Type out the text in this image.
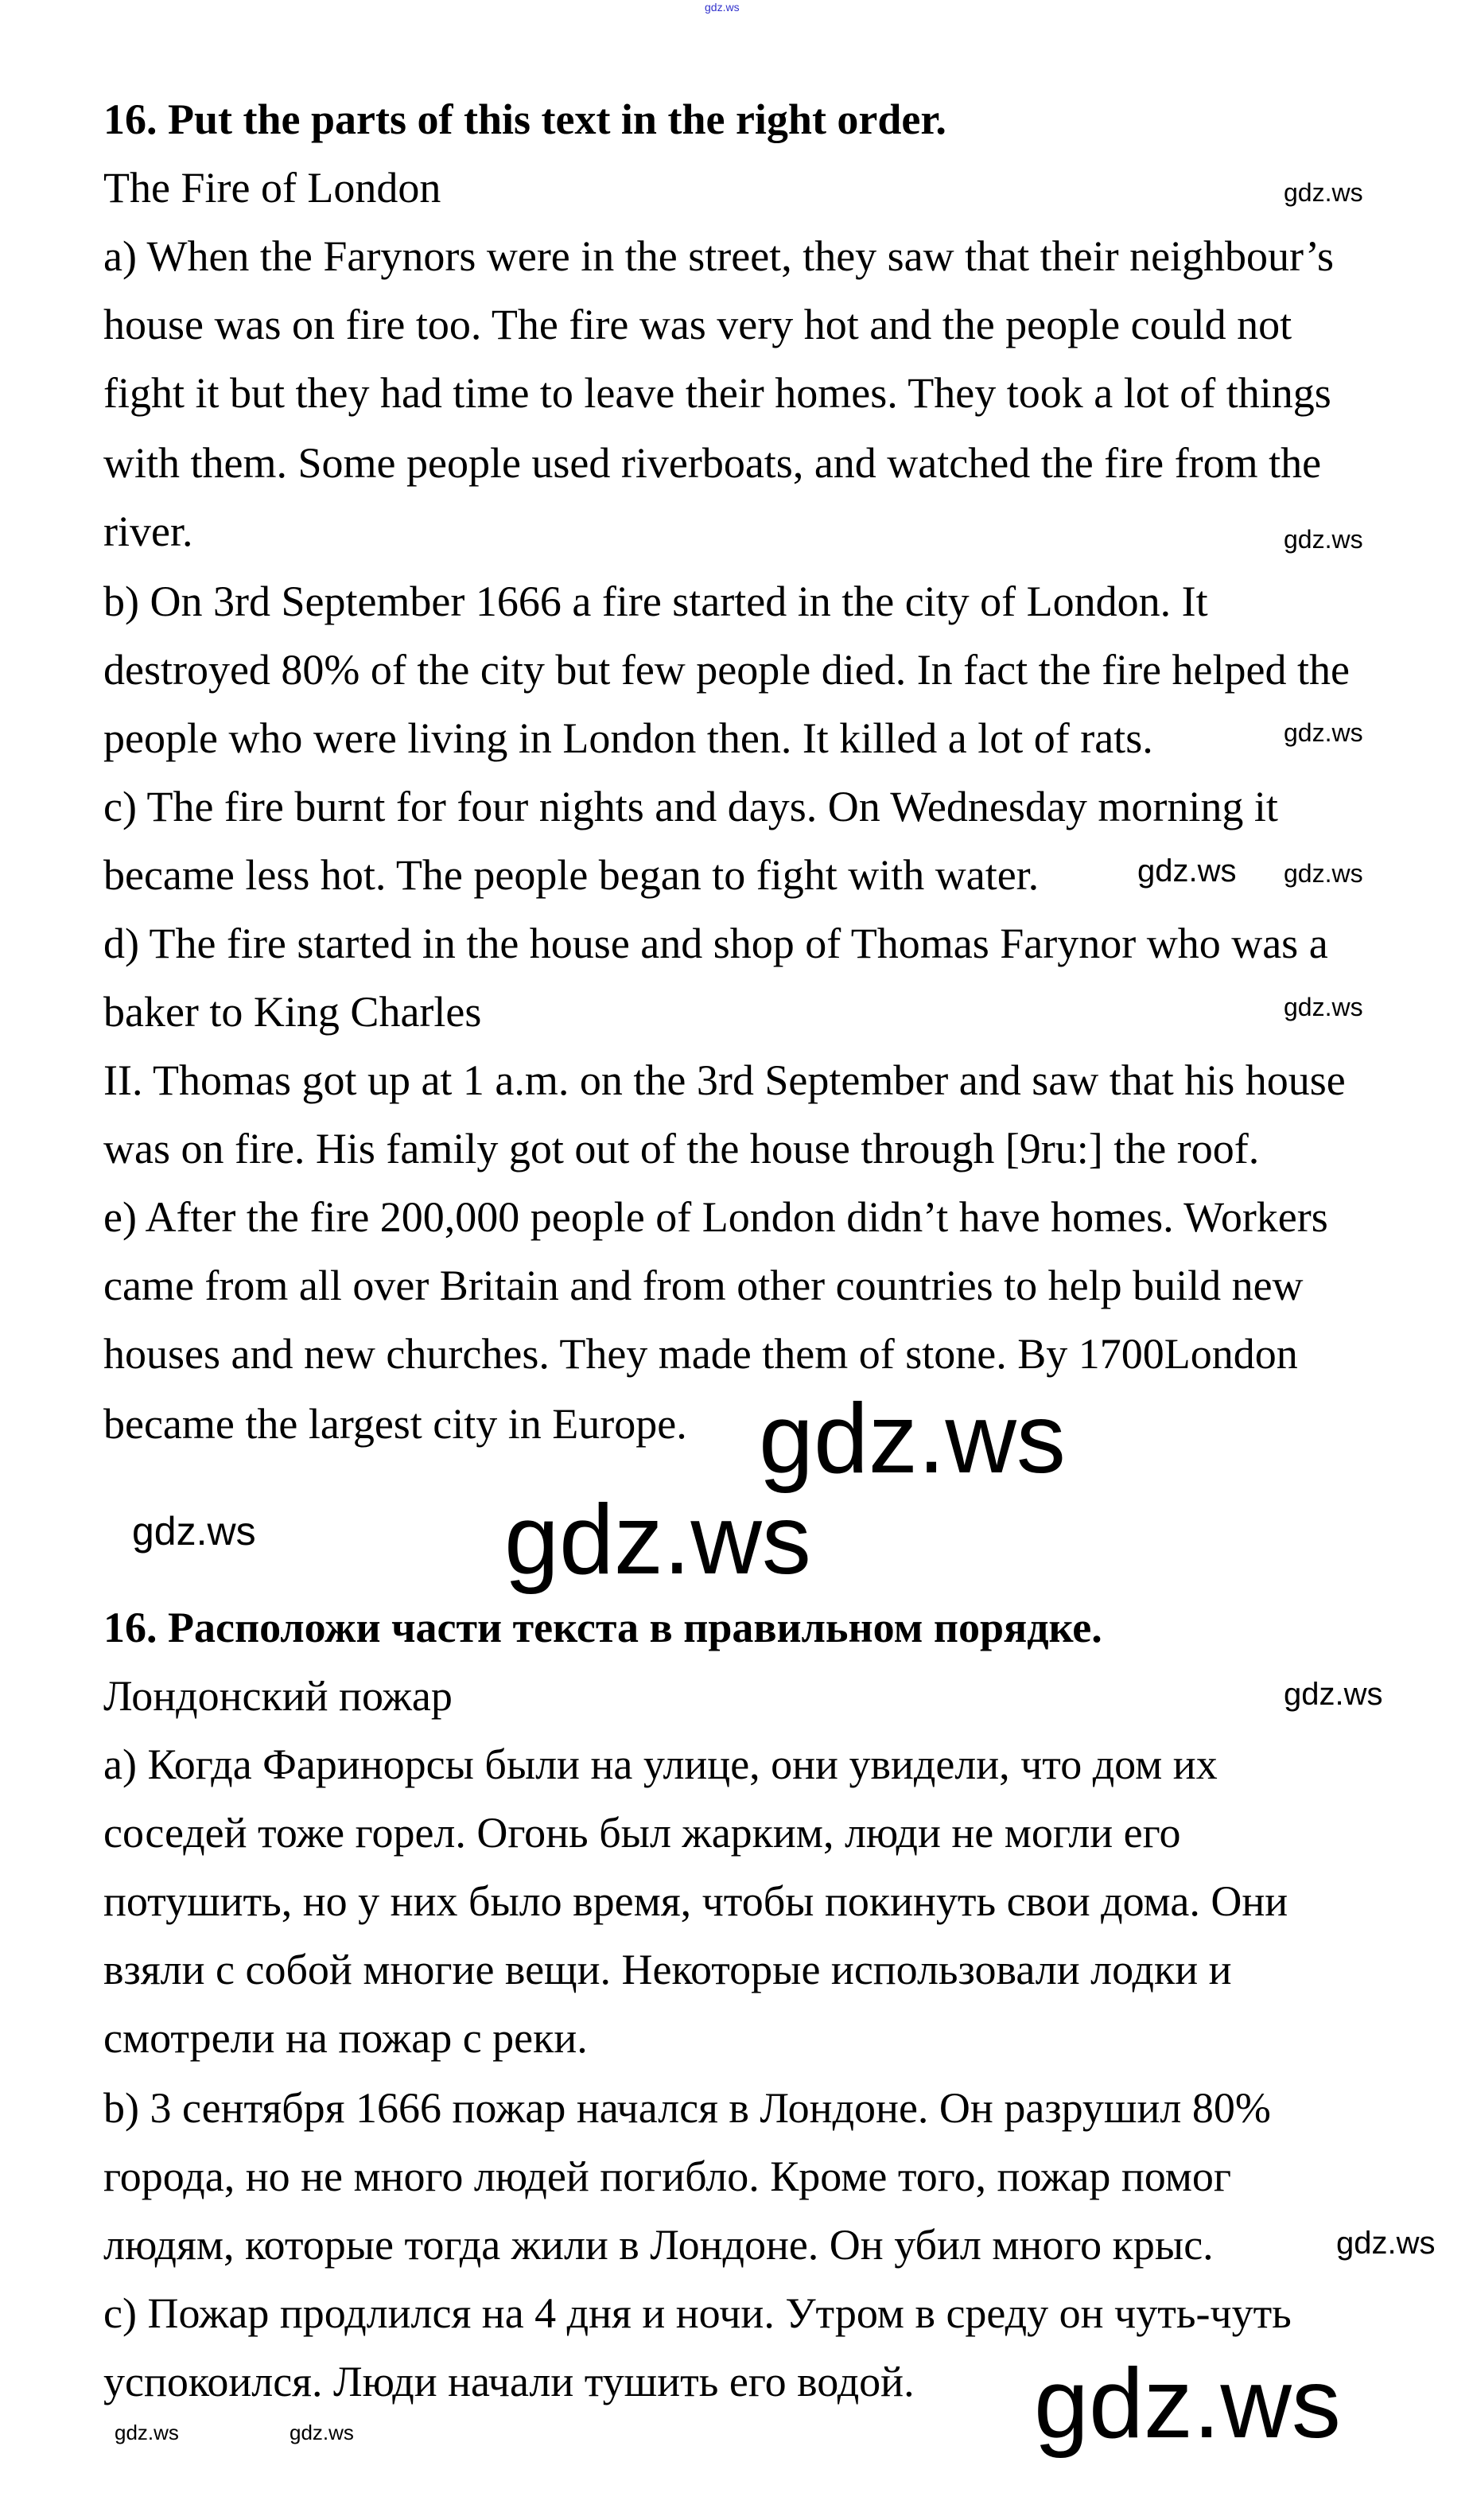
16. Put the parts of this text in the right order.
The Fire of London
a) When the Farynors were in the street, they saw that their neighbour’s
house was on fire too. The fire was very hot and the people could not
fight it but they had time to leave their homes. They took a lot of things
with them. Some people used riverboats, and watched the fire from the
river.
b) On 3rd September 1666 a fire started in the city of London. It
destroyed 80% of the city but few people died. In fact the fire helped the
people who were living in London then. It killed a lot of rats.
c) The fire burnt for four nights and days. On Wednesday morning it
became less hot. The people began to fight with water.
d) The fire started in the house and shop of Thomas Farynor who was a
baker to King Charles
II. Thomas got up at 1 a.m. on the 3rd September and saw that his house
was on fire. His family got out of the house through [9ru:] the roof.
e) After the fire 200,000 people of London didn’t have homes. Workers
came from all over Britain and from other countries to help build new
houses and new churches. They made them of stone. By 1700London
became the largest city in Europe.
16. Расположи части текста в правильном порядке.
Лондонский пожар
a) Когда Фаринорсы были на улице, они увидели, что дом их
соседей тоже горел. Огонь был жарким, люди не могли его
потушить, но у них было время, чтобы покинуть свои дома. Они
взяли с собой многие вещи. Некоторые использовали лодки и
смотрели на пожар с реки.
b) 3 сентября 1666 пожар начался в Лондоне. Он разрушил 80%
города, но не много людей погибло. Кроме того, пожар помог
людям, которые тогда жили в Лондоне. Он убил много крыс.
c) Пожар продлился на 4 дня и ночи. Утром в среду он чуть-чуть
успокоился. Люди начали тушить его водой.
gdz.ws
gdz.ws
gdz.ws
gdz.ws
gdz.ws
gdz.ws
gdz.ws
gdz.ws
gdz.ws
gdz.ws
gdz.ws	gdz.ws
gdz.ws
gdz.ws
gdz.ws
